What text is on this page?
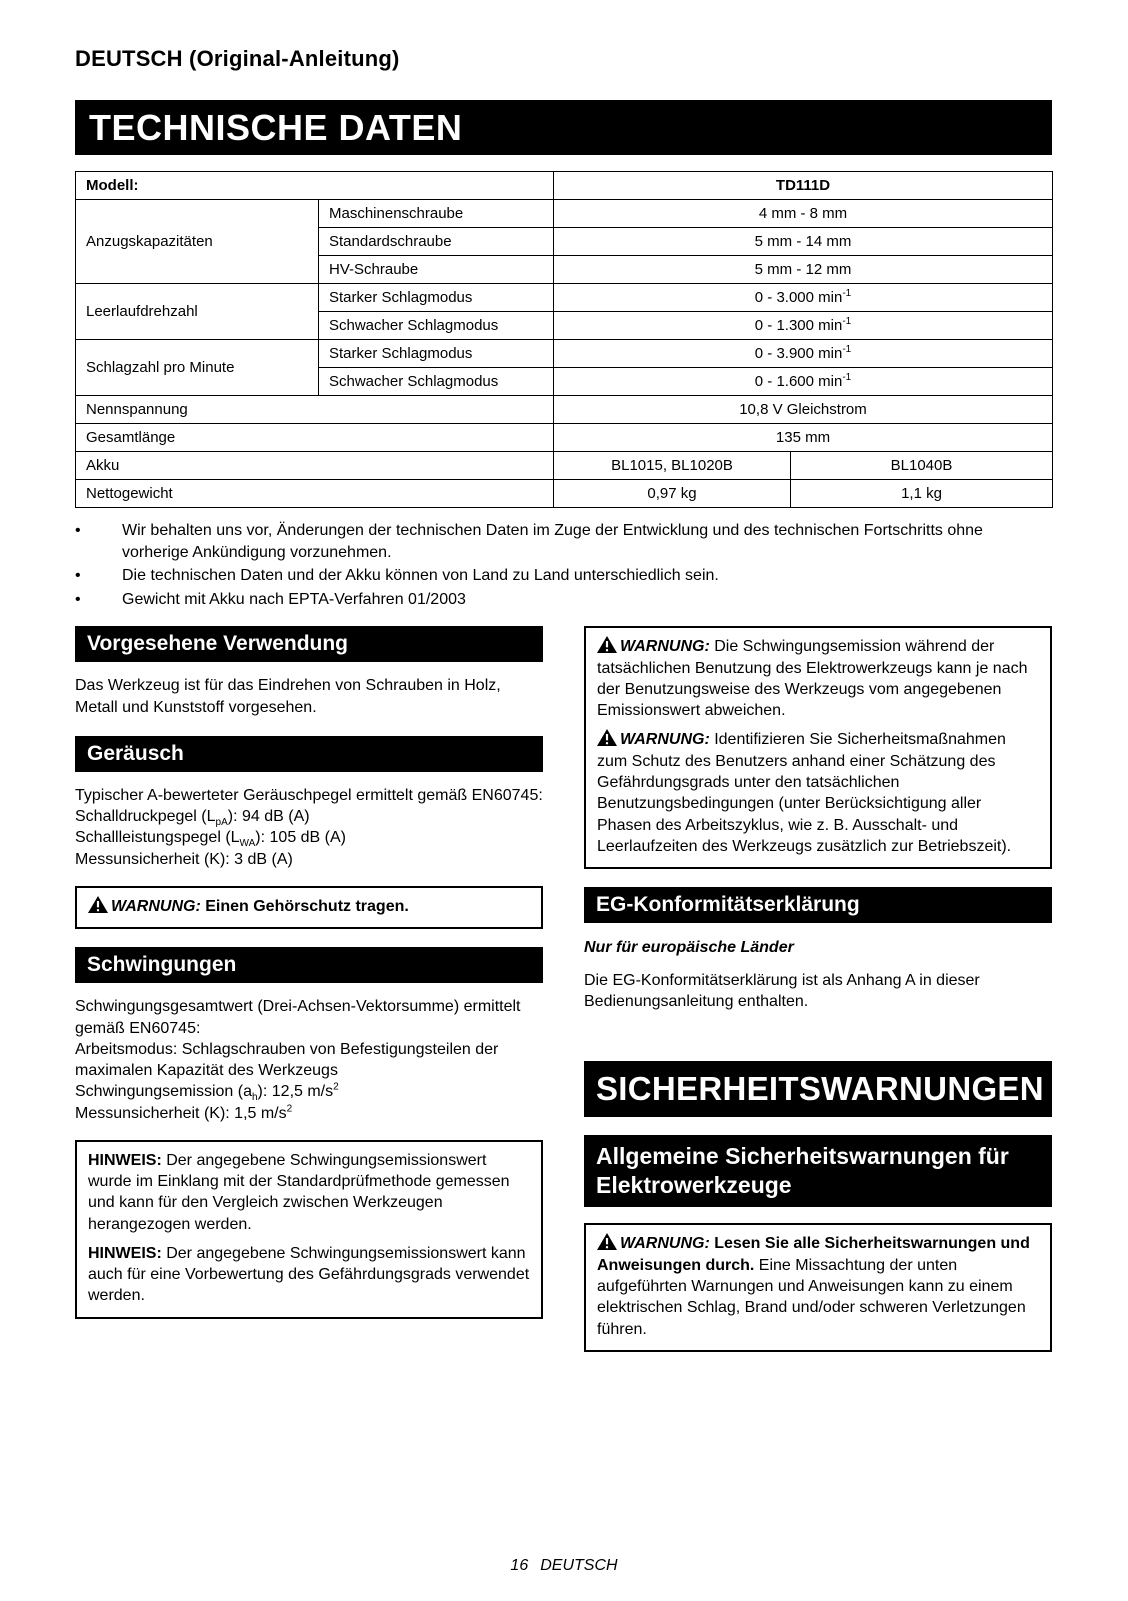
DEUTSCH (Original-Anleitung)
TECHNISCHE DATEN
Modell:		TD111D	
Anzugskapazitäten	Maschinenschraube	4 mm - 8 mm	
	Standardschraube	5 mm - 14 mm	
	HV-Schraube	5 mm - 12 mm	
Leerlaufdrehzahl	Starker Schlagmodus	0 - 3.000 $\min^{-1}$
	Schwacher Schlagmodus	0 - 1.300 $\min^{-1}$
Schlagzahl pro Minute	Starker Schlagmodus	0 - 3.900 $\min^{-1}$
	Schwacher Schlagmodus	0 - 1.600 $\min^{-1}$
Nennspannung		10,8 V Gleichstrom	
Gesamtlänge		135 mm	
Akku		BL1015, BL1020B	BL1040B
Nettogewicht		0,97 kg	1,1 kg
•	Wir behalten uns vor, Änderungen der technischen Daten im Zuge der Entwicklung und des technischen Fortschritts ohne vorherige Ankündigung vorzunehmen.
•	Die technischen Daten und der Akku können von Land zu Land unterschiedlich sein.
•	Gewicht mit Akku nach EPTA-Verfahren 01/2003
Vorgesehene Verwendung
Das Werkzeug ist für das Eindrehen von Schrauben in Holz, Metall und Kunststoff vorgesehen.
Geräusch
Typischer A-bewerteter Geräuschpegel ermittelt gemäß EN60745:
Schalldruckpegel $(L_{pA})$: 94 dB (A)
Schallleistungspegel $(L_{WA})$: 105 dB (A)
Messunsicherheit (K): 3 dB (A)

WARNUNG: Einen Gehörschutz tragen.

Schwingungen
Schwingungsgesamtwert (Drei-Achsen-Vektorsumme) ermittelt gemäß EN60745:
Arbeitsmodus: Schlagschrauben von Befestigungsteilen der maximalen Kapazität des Werkzeugs
Schwingungsemission $(a_h)$: 12,5 $m/s^2$
Messunsicherheit (K): 1,5 $m/s^2$

HINWEIS: Der angegebene Schwingungsemissionswert wurde im Einklang mit der Standardprüfmethode gemessen und kann für den Vergleich zwischen Werkzeugen herangezogen werden.

HINWEIS: Der angegebene Schwingungsemissionswert kann auch für eine Vorbewertung des Gefährdungsgrads verwendet werden.

WARNUNG: Die Schwingungsemission während der tatsächlichen Benutzung des Elektrowerkzeugs kann je nach der Benutzungsweise des Werkzeugs vom angegebenen Emissionswert abweichen.

WARNUNG: Identifizieren Sie Sicherheitsmaßnahmen zum Schutz des Benutzers anhand einer Schätzung des Gefährdungsgrads unter den tatsächlichen Benutzungsbedingungen (unter Berücksichtigung aller Phasen des Arbeitszyklus, wie z. B. Ausschalt- und Leerlaufzeiten des Werkzeugs zusätzlich zur Betriebszeit).

EG-Konformitätserklärung
Nur für europäische Länder
Die EG-Konformitätserklärung ist als Anhang A in dieser Bedienungsanleitung enthalten.
SICHERHEITSWARNUNGEN
Allgemeine Sicherheitswarnungen für Elektrowerkzeuge

WARNUNG: Lesen Sie alle Sicherheitswarnungen und Anweisungen durch. Eine Missachtung der unten aufgeführten Warnungen und Anweisungen kann zu einem elektrischen Schlag, Brand und/oder schweren Verletzungen führen.

16 DEUTSCH
